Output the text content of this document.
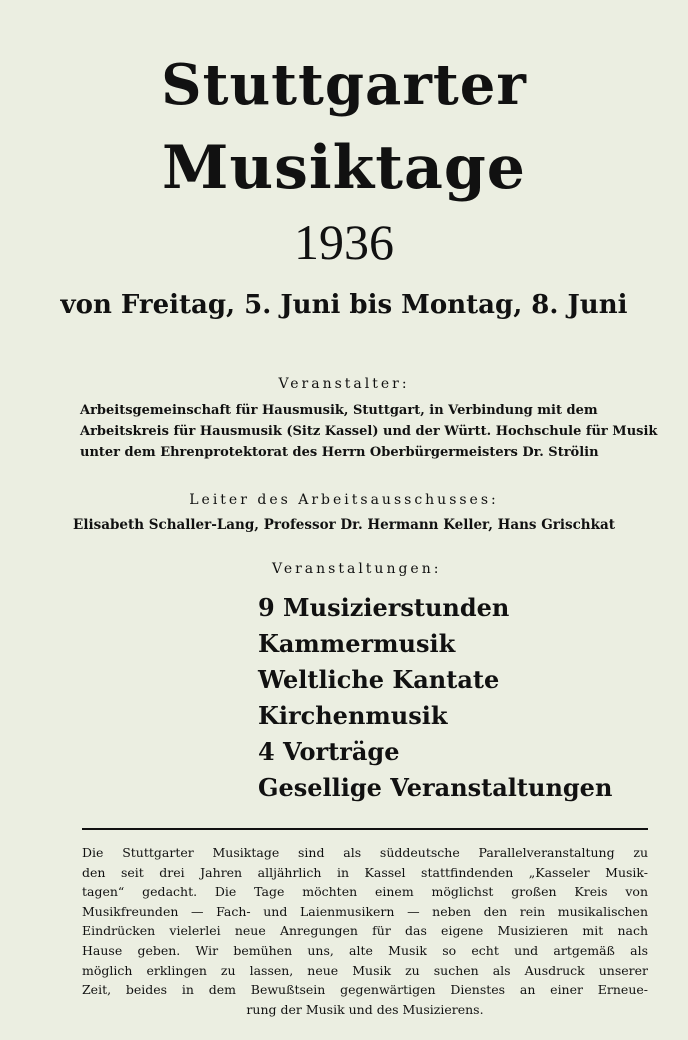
Stuttgarter
Musiktage
1936
von Freitag, 5. Juni bis Montag, 8. Juni
Veranstalter:
Arbeitsgemeinschaft für Hausmusik, Stuttgart, in Verbindung mit dem
Arbeitskreis für Hausmusik (Sitz Kassel) und der Württ. Hochschule für Musik
unter dem Ehrenprotektorat des Herrn Oberbürgermeisters Dr. Strölin
Leiter des Arbeitsausschusses:
Elisabeth Schaller-Lang, Professor Dr. Hermann Keller, Hans Grischkat
Veranstaltungen:
9 Musizierstunden
Kammermusik
Weltliche Kantate
Kirchenmusik
4 Vorträge
Gesellige Veranstaltungen
Die Stuttgarter Musiktage sind als süddeutsche Parallelveranstaltung zu
den seit drei Jahren alljährlich in Kassel stattfindenden „Kasseler Musik-
tagen“ gedacht. Die Tage möchten einem möglichst großen Kreis von
Musikfreunden — Fach- und Laienmusikern — neben den rein musikalischen
Eindrücken vielerlei neue Anregungen für das eigene Musizieren mit nach
Hause geben. Wir bemühen uns, alte Musik so echt und artgemäß als
möglich erklingen zu lassen, neue Musik zu suchen als Ausdruck unserer
Zeit, beides in dem Bewußtsein gegenwärtigen Dienstes an einer Erneue-
rung der Musik und des Musizierens.
